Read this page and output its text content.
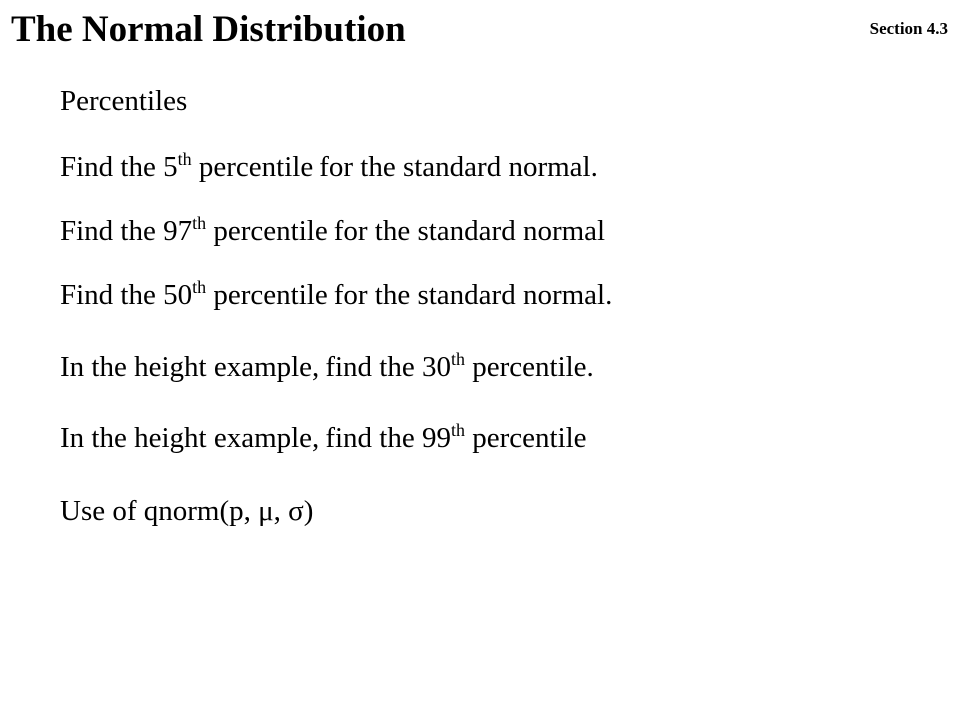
The Normal Distribution	Section 4.3
Percentiles
Find the 5th percentile for the standard normal.
Find the 97th percentile for the standard normal
Find the 50th percentile for the standard normal.
In the height example, find the 30th percentile.
In the height example, find the 99th percentile
Use of qnorm(p, μ, σ)
